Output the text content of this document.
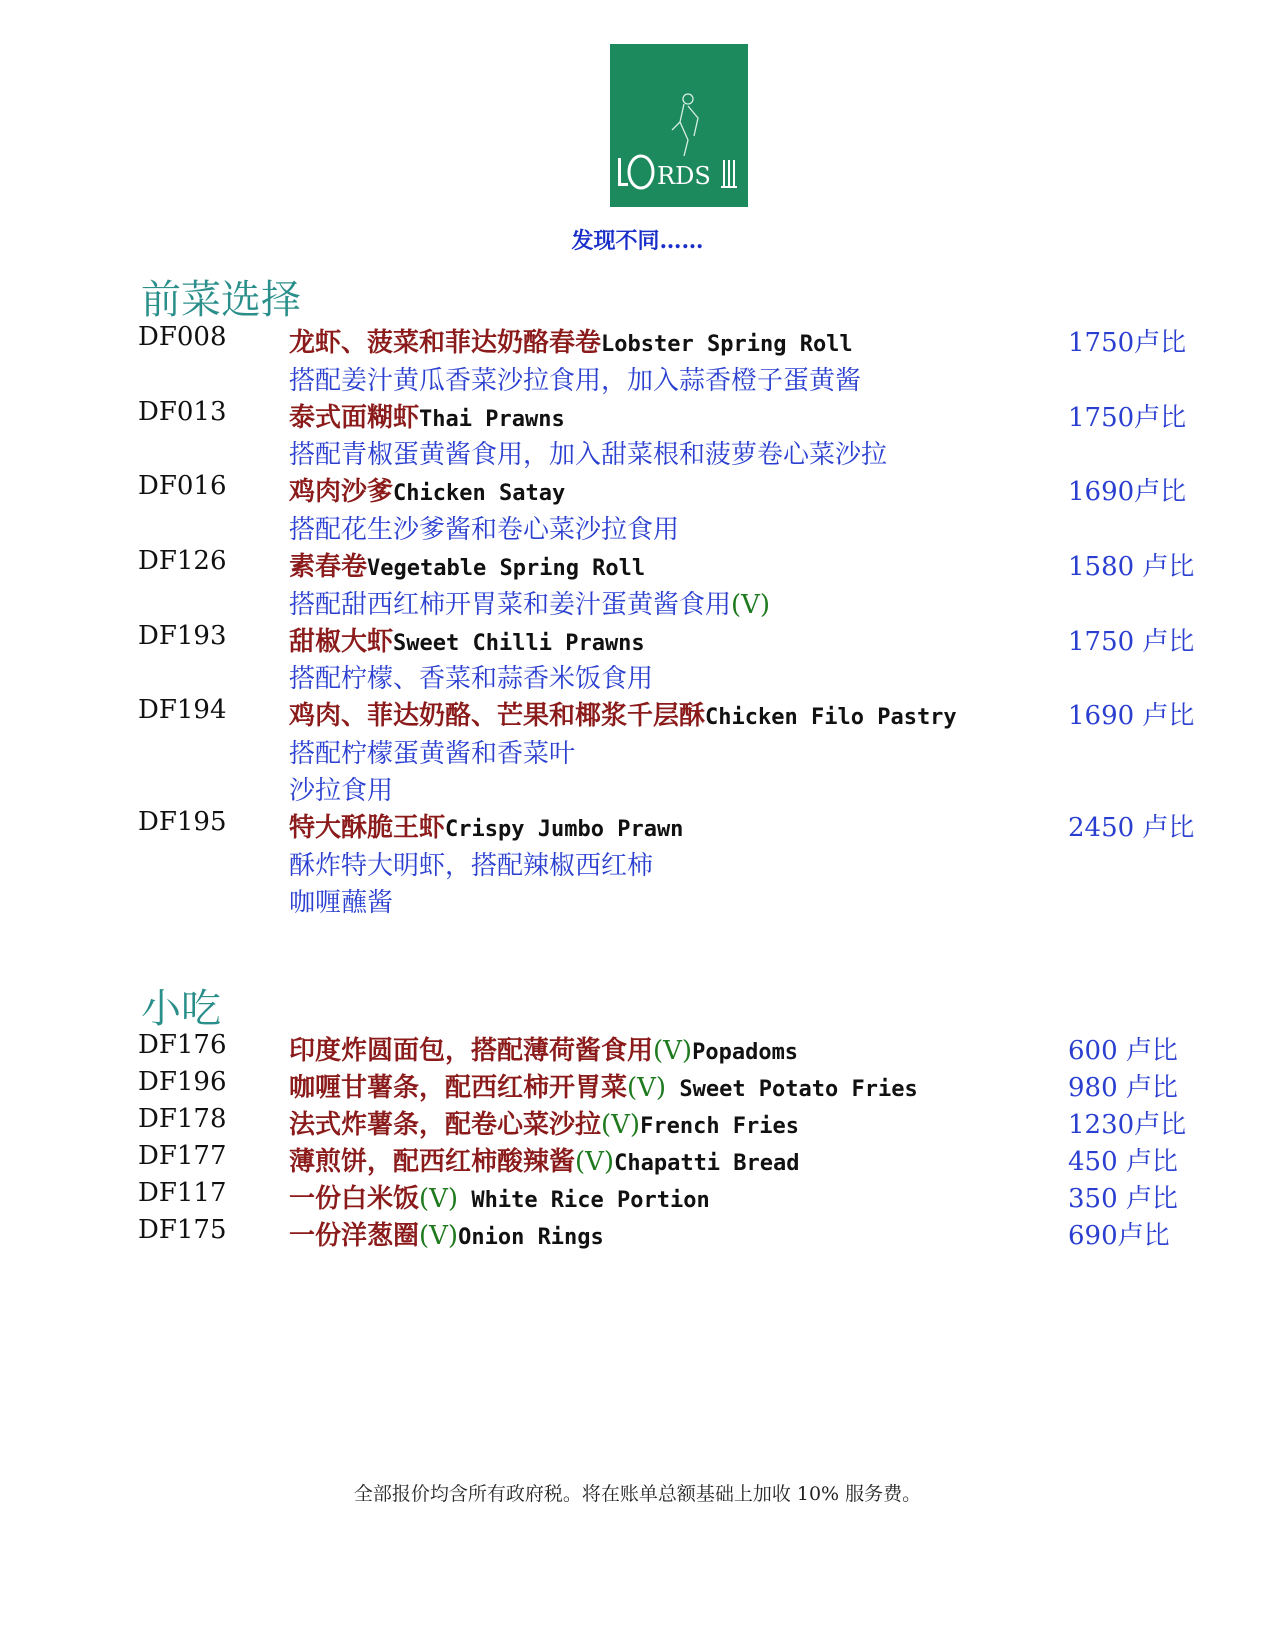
RDS
发现不同……
前菜选择
DF008 龙虾、菠菜和菲达奶酪春卷Lobster Spring Roll	1750卢比
搭配姜汁黄瓜香菜沙拉食用，加入蒜香橙子蛋黄酱
DF013 泰式面糊虾Thai Prawns	1750卢比
搭配青椒蛋黄酱食用，加入甜菜根和菠萝卷心菜沙拉
DF016 鸡肉沙爹Chicken Satay	1690卢比
搭配花生沙爹酱和卷心菜沙拉食用
DF126 素春卷Vegetable Spring Roll	1580 卢比
搭配甜西红柿开胃菜和姜汁蛋黄酱食用(V)
DF193 甜椒大虾Sweet Chilli Prawns	1750 卢比
搭配柠檬、香菜和蒜香米饭食用
DF194 鸡肉、菲达奶酪、芒果和椰浆千层酥Chicken Filo Pastry	1690 卢比
搭配柠檬蛋黄酱和香菜叶
沙拉食用
DF195 特大酥脆王虾Crispy Jumbo Prawn	2450 卢比
酥炸特大明虾，搭配辣椒西红柿
咖喱蘸酱
小吃
DF176 印度炸圆面包，搭配薄荷酱食用(V)Popadoms	600 卢比
DF196 咖喱甘薯条，配西红柿开胃菜(V) Sweet Potato Fries	980 卢比
DF178 法式炸薯条，配卷心菜沙拉(V)French Fries	1230卢比
DF177 薄煎饼，配西红柿酸辣酱(V)Chapatti Bread	450 卢比
DF117 一份白米饭(V) White Rice Portion	350 卢比
DF175 一份洋葱圈(V)Onion Rings	690卢比
全部报价均含所有政府税。将在账单总额基础上加收 10% 服务费。
